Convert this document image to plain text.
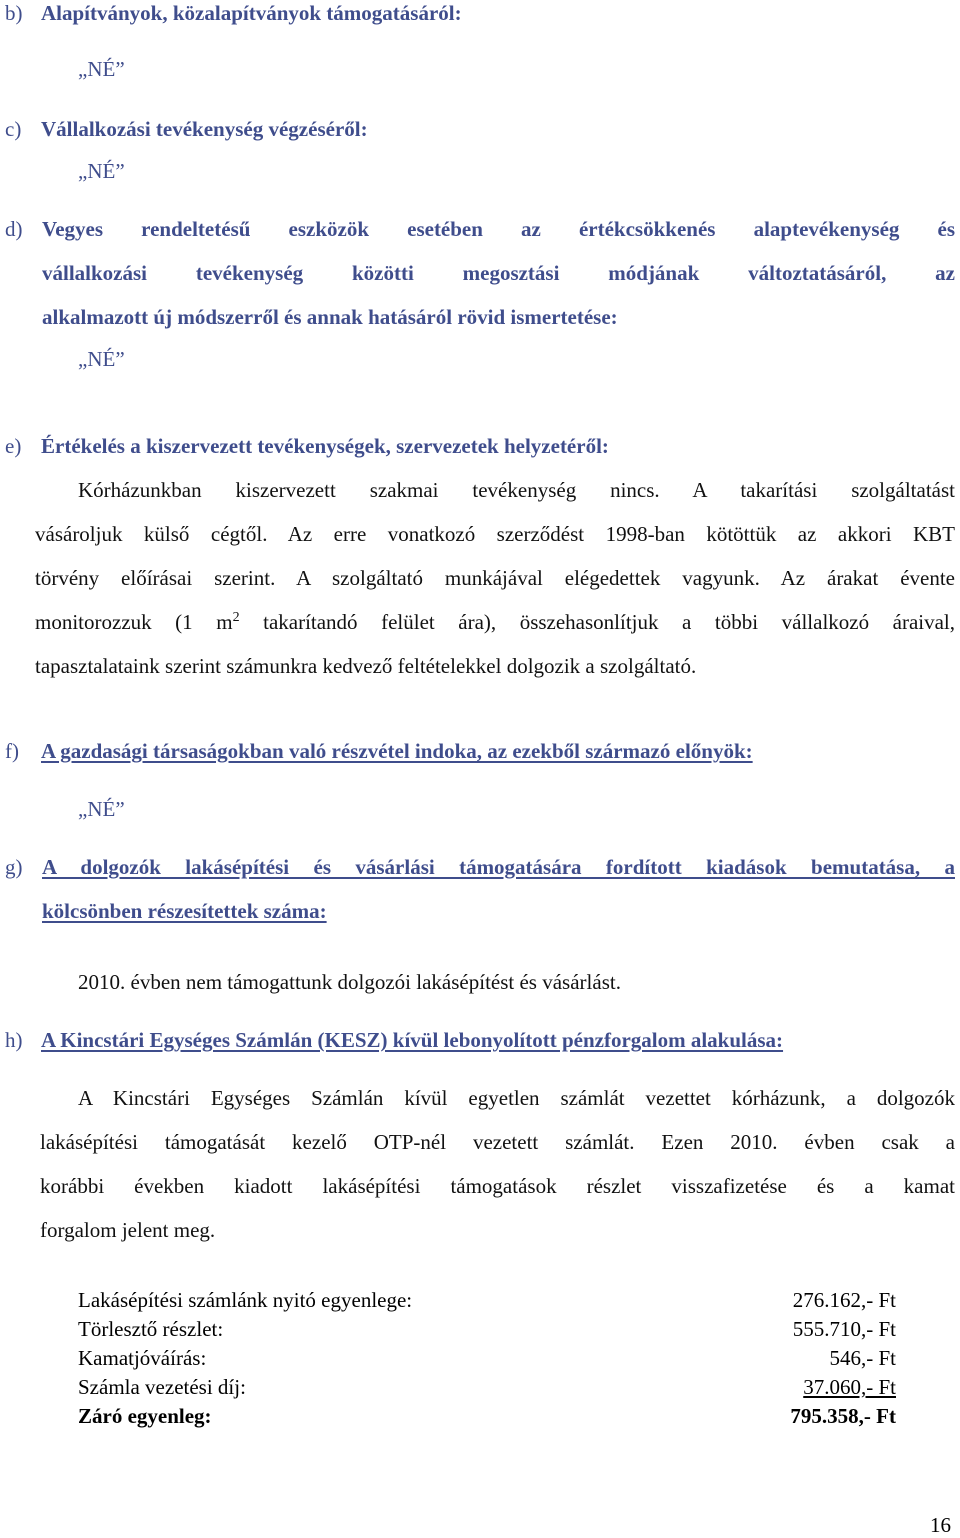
b) Alapítványok, közalapítványok támogatásáról:
„NÉ”
c) Vállalkozási tevékenység végzéséről:
„NÉ”
d) Vegyes rendeltetésű eszközök esetében az értékcsökkenés alaptevékenység és
vállalkozási tevékenység közötti megosztási módjának változtatásáról, az
alkalmazott új módszerről és annak hatásáról rövid ismertetése:
„NÉ”
e) Értékelés a kiszervezett tevékenységek, szervezetek helyzetéről:
Kórházunkban kiszervezett szakmai tevékenység nincs. A takarítási szolgáltatást
vásároljuk külső cégtől. Az erre vonatkozó szerződést 1998-ban kötöttük az akkori KBT
törvény előírásai szerint. A szolgáltató munkájával elégedettek vagyunk. Az árakat évente
monitorozzuk (1 $m^2$ takarítandó felület ára), összehasonlítjuk a többi vállalkozó áraival,
tapasztalataink szerint számunkra kedvező feltételekkel dolgozik a szolgáltató.
f) A gazdasági társaságokban való részvétel indoka, az ezekből származó előnyök:
„NÉ”
g) A dolgozók lakásépítési és vásárlási támogatására fordított kiadások bemutatása, a
kölcsönben részesítettek száma:
2010. évben nem támogattunk dolgozói lakásépítést és vásárlást.
h) A Kincstári Egységes Számlán (KESZ) kívül lebonyolított pénzforgalom alakulása:
A Kincstári Egységes Számlán kívül egyetlen számlát vezettet kórházunk, a dolgozók
lakásépítési támogatását kezelő OTP-nél vezetett számlát. Ezen 2010. évben csak a
korábbi években kiadott lakásépítési támogatások részlet visszafizetése és a kamat
forgalom jelent meg.
Lakásépítési számlánk nyitó egyenlege:	276.162,- Ft
Törlesztő részlet:	555.710,- Ft
Kamatjóváírás:	546,- Ft
Számla vezetési díj:	37.060,- Ft
Záró egyenleg:	795.358,- Ft
16
